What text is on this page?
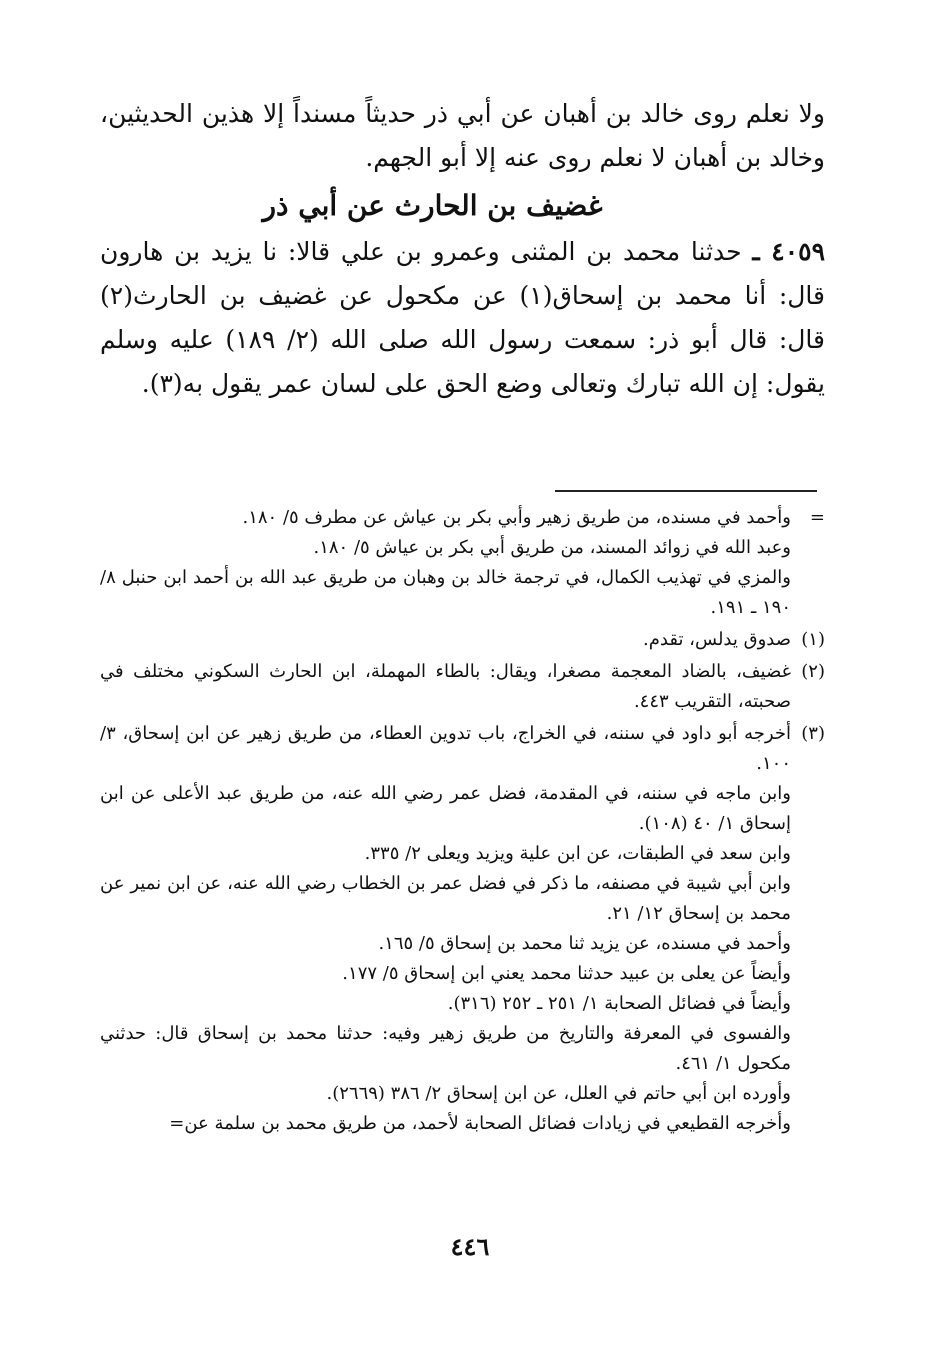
ولا نعلم روى خالد بن أهبان عن أبي ذر حديثاً مسنداً إلا هذين الحديثين، وخالد بن أهبان لا نعلم روى عنه إلا أبو الجهم.

غضيف بن الحارث عن أبي ذر

٤٠٥٩ ـ حدثنا محمد بن المثنى وعمرو بن علي قالا: نا يزيد بن هارون قال: أنا محمد بن إسحاق(١) عن مكحول عن غضيف بن الحارث(٢) قال: قال أبو ذر: سمعت رسول الله صلى الله (٢/ ١٨٩) عليه وسلم يقول: إن الله تبارك وتعالى وضع الحق على لسان عمر يقول به(٣).

=
وأحمد في مسنده، من طريق زهير وأبي بكر بن عياش عن مطرف ٥/ ١٨٠.
وعبد الله في زوائد المسند، من طريق أبي بكر بن عياش ٥/ ١٨٠.
والمزي في تهذيب الكمال، في ترجمة خالد بن وهبان من طريق عبد الله بن أحمد ابن حنبل ٨/ ١٩٠ ـ ١٩١.
(١)
صدوق يدلس، تقدم.
(٢)
غضيف، بالضاد المعجمة مصغرا، ويقال: بالطاء المهملة، ابن الحارث السكوني مختلف في صحبته، التقريب ٤٤٣.
(٣)
أخرجه أبو داود في سننه، في الخراج، باب تدوين العطاء، من طريق زهير عن ابن إسحاق، ٣/ ١٠٠.
وابن ماجه في سننه، في المقدمة، فضل عمر رضي الله عنه، من طريق عبد الأعلى عن ابن إسحاق ١/ ٤٠ (١٠٨).
وابن سعد في الطبقات، عن ابن علية ويزيد ويعلى ٢/ ٣٣٥.
وابن أبي شيبة في مصنفه، ما ذكر في فضل عمر بن الخطاب رضي الله عنه، عن ابن نمير عن محمد بن إسحاق ١٢/ ٢١.
وأحمد في مسنده، عن يزيد ثنا محمد بن إسحاق ٥/ ١٦٥.
وأيضاً عن يعلى بن عبيد حدثنا محمد يعني ابن إسحاق ٥/ ١٧٧.
وأيضاً في فضائل الصحابة ١/ ٢٥١ ـ ٢٥٢ (٣١٦).
والفسوى في المعرفة والتاريخ من طريق زهير وفيه: حدثنا محمد بن إسحاق قال: حدثني مكحول ١/ ٤٦١.
وأورده ابن أبي حاتم في العلل، عن ابن إسحاق ٢/ ٣٨٦ (٢٦٦٩).
وأخرجه القطيعي في زيادات فضائل الصحابة لأحمد، من طريق محمد بن سلمة عن=
٤٤٦
